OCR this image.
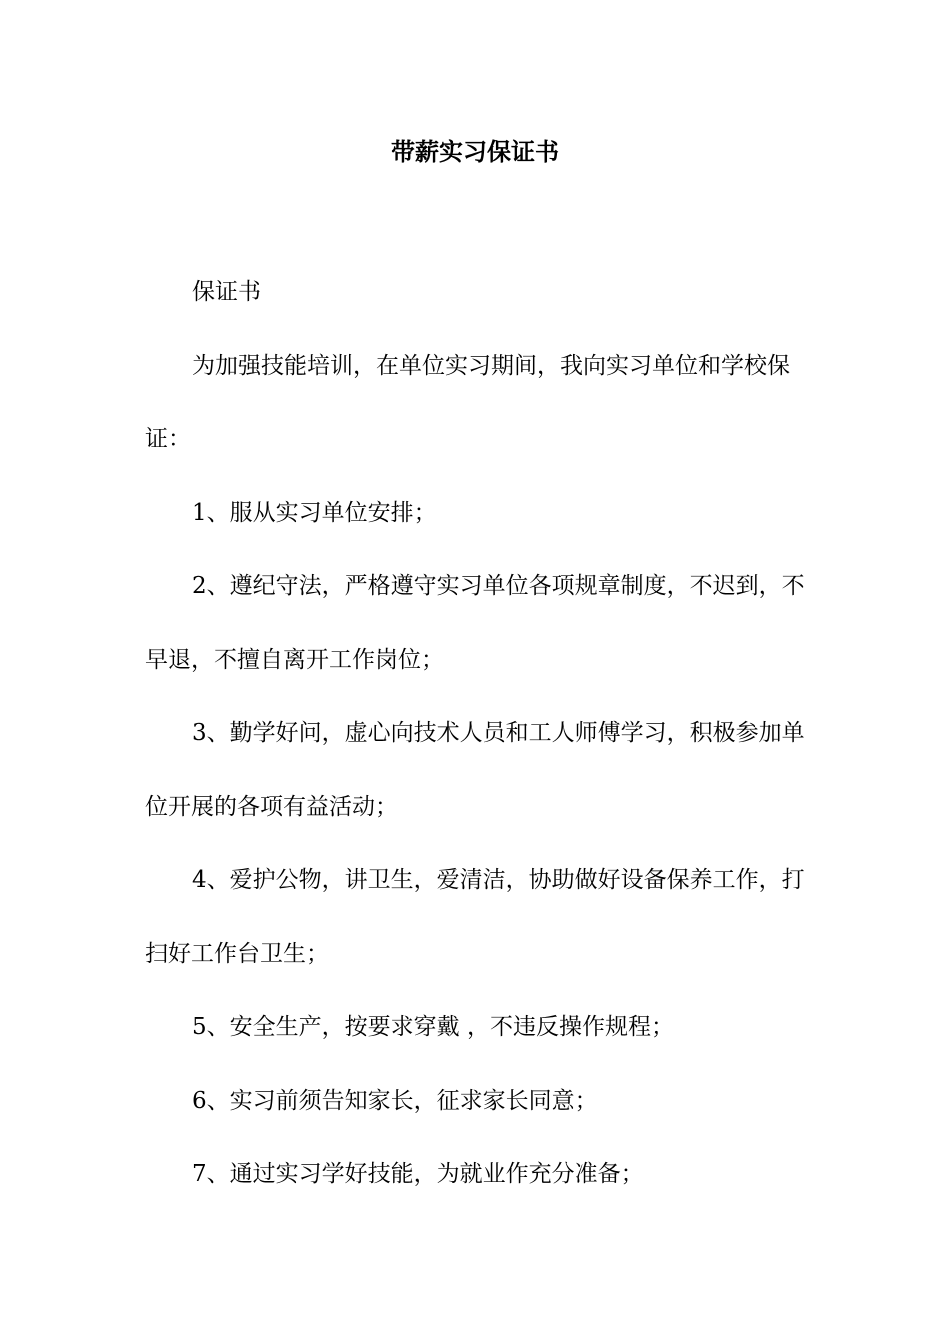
带薪实习保证书

保证书

为加强技能培训，在单位实习期间，我向实习单位和学校保证：

1、服从实习单位安排；

2、遵纪守法，严格遵守实习单位各项规章制度，不迟到，不早退，不擅自离开工作岗位；

3、勤学好问，虚心向技术人员和工人师傅学习，积极参加单位开展的各项有益活动；

4、爱护公物，讲卫生，爱清洁，协助做好设备保养工作，打扫好工作台卫生；

5、安全生产，按要求穿戴 ，不违反操作规程；

6、实习前须告知家长，征求家长同意；

7、通过实习学好技能，为就业作充分准备；
